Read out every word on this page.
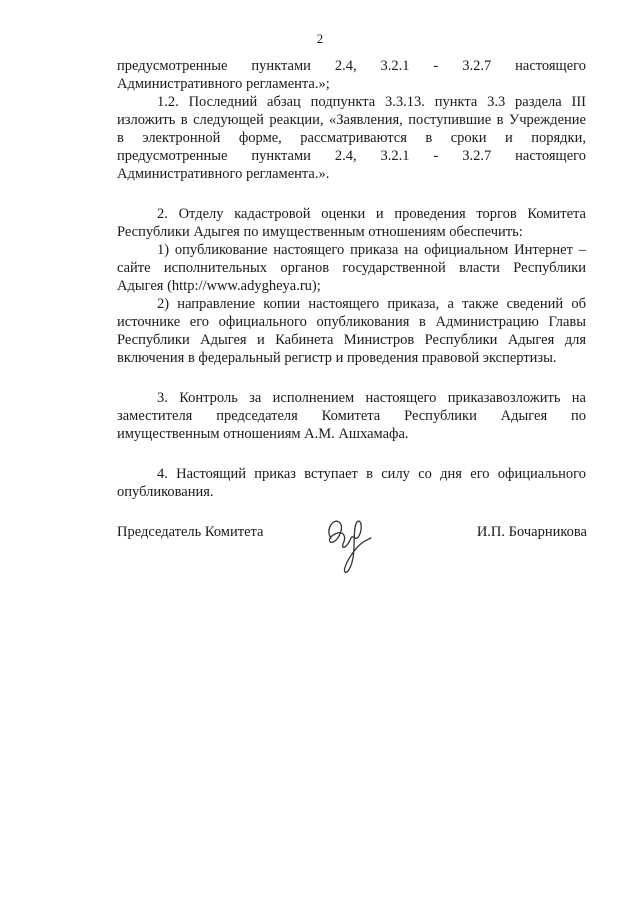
2

предусмотренные пунктами 2.4, 3.2.1 - 3.2.7 настоящего
Административного регламента.»;

1.2. Последний абзац подпункта 3.3.13. пункта 3.3 раздела III
изложить в следующей реакции, «Заявления, поступившие в Учреждение
в электронной форме, рассматриваются в сроки и порядки,
предусмотренные пунктами 2.4, 3.2.1 - 3.2.7 настоящего
Административного регламента.».

2. Отделу кадастровой оценки и проведения торгов Комитета
Республики Адыгея по имущественным отношениям обеспечить:

1) опубликование настоящего приказа на официальном Интернет –
сайте исполнительных органов государственной власти Республики
Адыгея (http://www.adygheya.ru);

2) направление копии настоящего приказа, а также сведений об
источнике его официального опубликования в Администрацию Главы
Республики Адыгея и Кабинета Министров Республики Адыгея для
включения в федеральный регистр и проведения правовой экспертизы.

3. Контроль за исполнением настоящего приказавозложить на
заместителя председателя Комитета Республики Адыгея по
имущественным отношениям А.М. Ашхамафа.

4. Настоящий приказ вступает в силу со дня его официального
опубликования.

Председатель Комитета	И.П. Бочарникова
